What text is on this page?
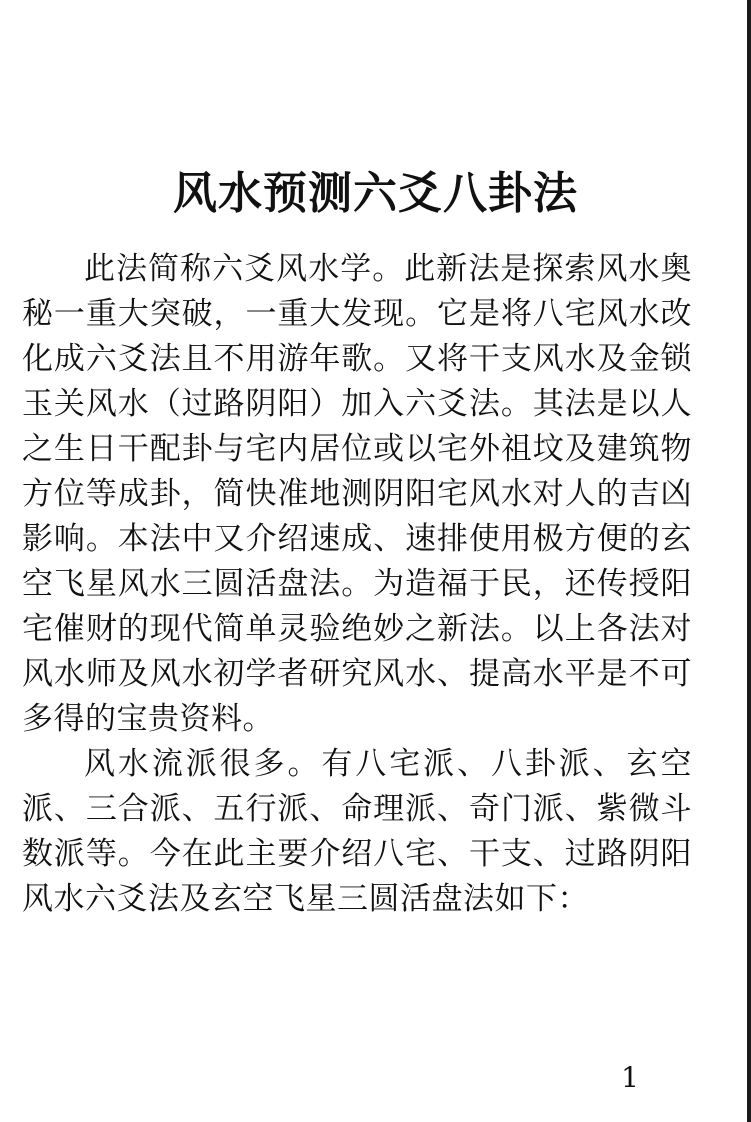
风水预测六爻八卦法

此法简称六爻风水学。此新法是探索风水奥秘一重大突破，一重大发现。它是将八宅风水改化成六爻法且不用游年歌。又将干支风水及金锁玉关风水（过路阴阳）加入六爻法。其法是以人之生日干配卦与宅内居位或以宅外祖坟及建筑物方位等成卦，简快准地测阴阳宅风水对人的吉凶影响。本法中又介绍速成、速排使用极方便的玄空飞星风水三圆活盘法。为造福于民，还传授阳宅催财的现代简单灵验绝妙之新法。以上各法对风水师及风水初学者研究风水、提高水平是不可多得的宝贵资料。

风水流派很多。有八宅派、八卦派、玄空派、三合派、五行派、命理派、奇门派、紫微斗数派等。今在此主要介绍八宅、干支、过路阴阳风水六爻法及玄空飞星三圆活盘法如下：

1
